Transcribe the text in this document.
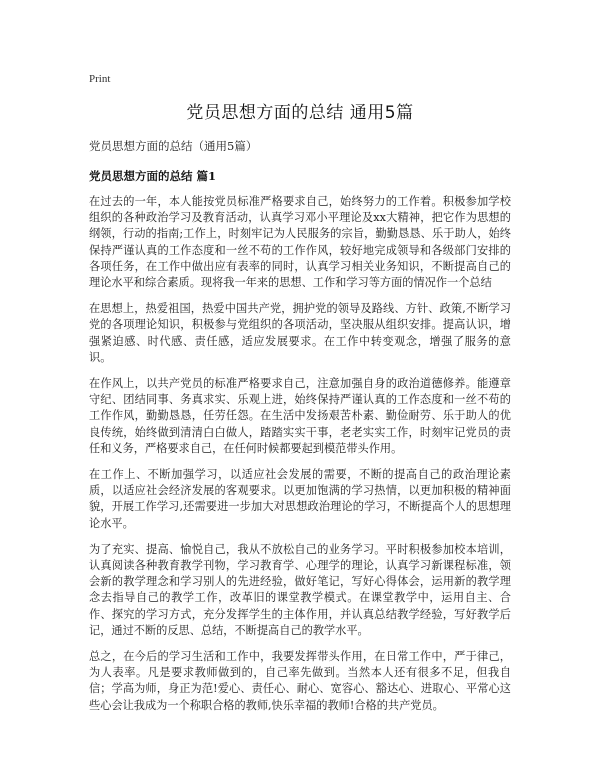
Print
党员思想方面的总结 通用5篇
党员思想方面的总结（通用5篇）
党员思想方面的总结 篇1

在过去的一年，本人能按党员标准严格要求自己，始终努力的工作着。积极参加学校组织的各种政治学习及教育活动，认真学习邓小平理论及xx大精神，把它作为思想的纲领，行动的指南;工作上，时刻牢记为人民服务的宗旨，勤勤恳恳、乐于助人，始终保持严谨认真的工作态度和一丝不苟的工作作风，较好地完成领导和各级部门安排的各项任务，在工作中做出应有表率的同时，认真学习相关业务知识，不断提高自己的理论水平和综合素质。现将我一年来的思想、工作和学习等方面的情况作一个总结

在思想上，热爱祖国，热爱中国共产党，拥护党的领导及路线、方针、政策,不断学习党的各项理论知识，积极参与党组织的各项活动，坚决服从组织安排。提高认识，增强紧迫感、时代感、责任感，适应发展要求。在工作中转变观念，增强了服务的意识。

在作风上，以共产党员的标准严格要求自己，注意加强自身的政治道德修养。能遵章守纪、团结同事、务真求实、乐观上进，始终保持严谨认真的工作态度和一丝不苟的工作作风，勤勤恳恳，任劳任怨。在生活中发扬艰苦朴素、勤俭耐劳、乐于助人的优良传统，始终做到清清白白做人，踏踏实实干事，老老实实工作，时刻牢记党员的责任和义务，严格要求自己，在任何时候都要起到模范带头作用。

在工作上、不断加强学习，以适应社会发展的需要，不断的提高自己的政治理论素质，以适应社会经济发展的客观要求。以更加饱满的学习热情，以更加积极的精神面貌，开展工作学习,还需要进一步加大对思想政治理论的学习，不断提高个人的思想理论水平。

为了充实、提高、愉悦自己，我从不放松自己的业务学习。平时积极参加校本培训，认真阅读各种教育教学刊物，学习教育学、心理学的理论，认真学习新课程标准，领会新的教学理念和学习别人的先进经验，做好笔记，写好心得体会，运用新的教学理念去指导自己的教学工作，改革旧的课堂教学模式。在课堂教学中，运用自主、合作、探究的学习方式，充分发挥学生的主体作用，并认真总结教学经验，写好教学后记，通过不断的反思、总结，不断提高自己的教学水平。

总之，在今后的学习生活和工作中，我要发挥带头作用，在日常工作中，严于律己，为人表率。凡是要求教师做到的，自己率先做到。当然本人还有很多不足，但我自信；学高为师，身正为范!爱心、责任心、耐心、宽容心、豁达心、进取心、平常心这些心会让我成为一个称职合格的教师,快乐幸福的教师!合格的共产党员。
